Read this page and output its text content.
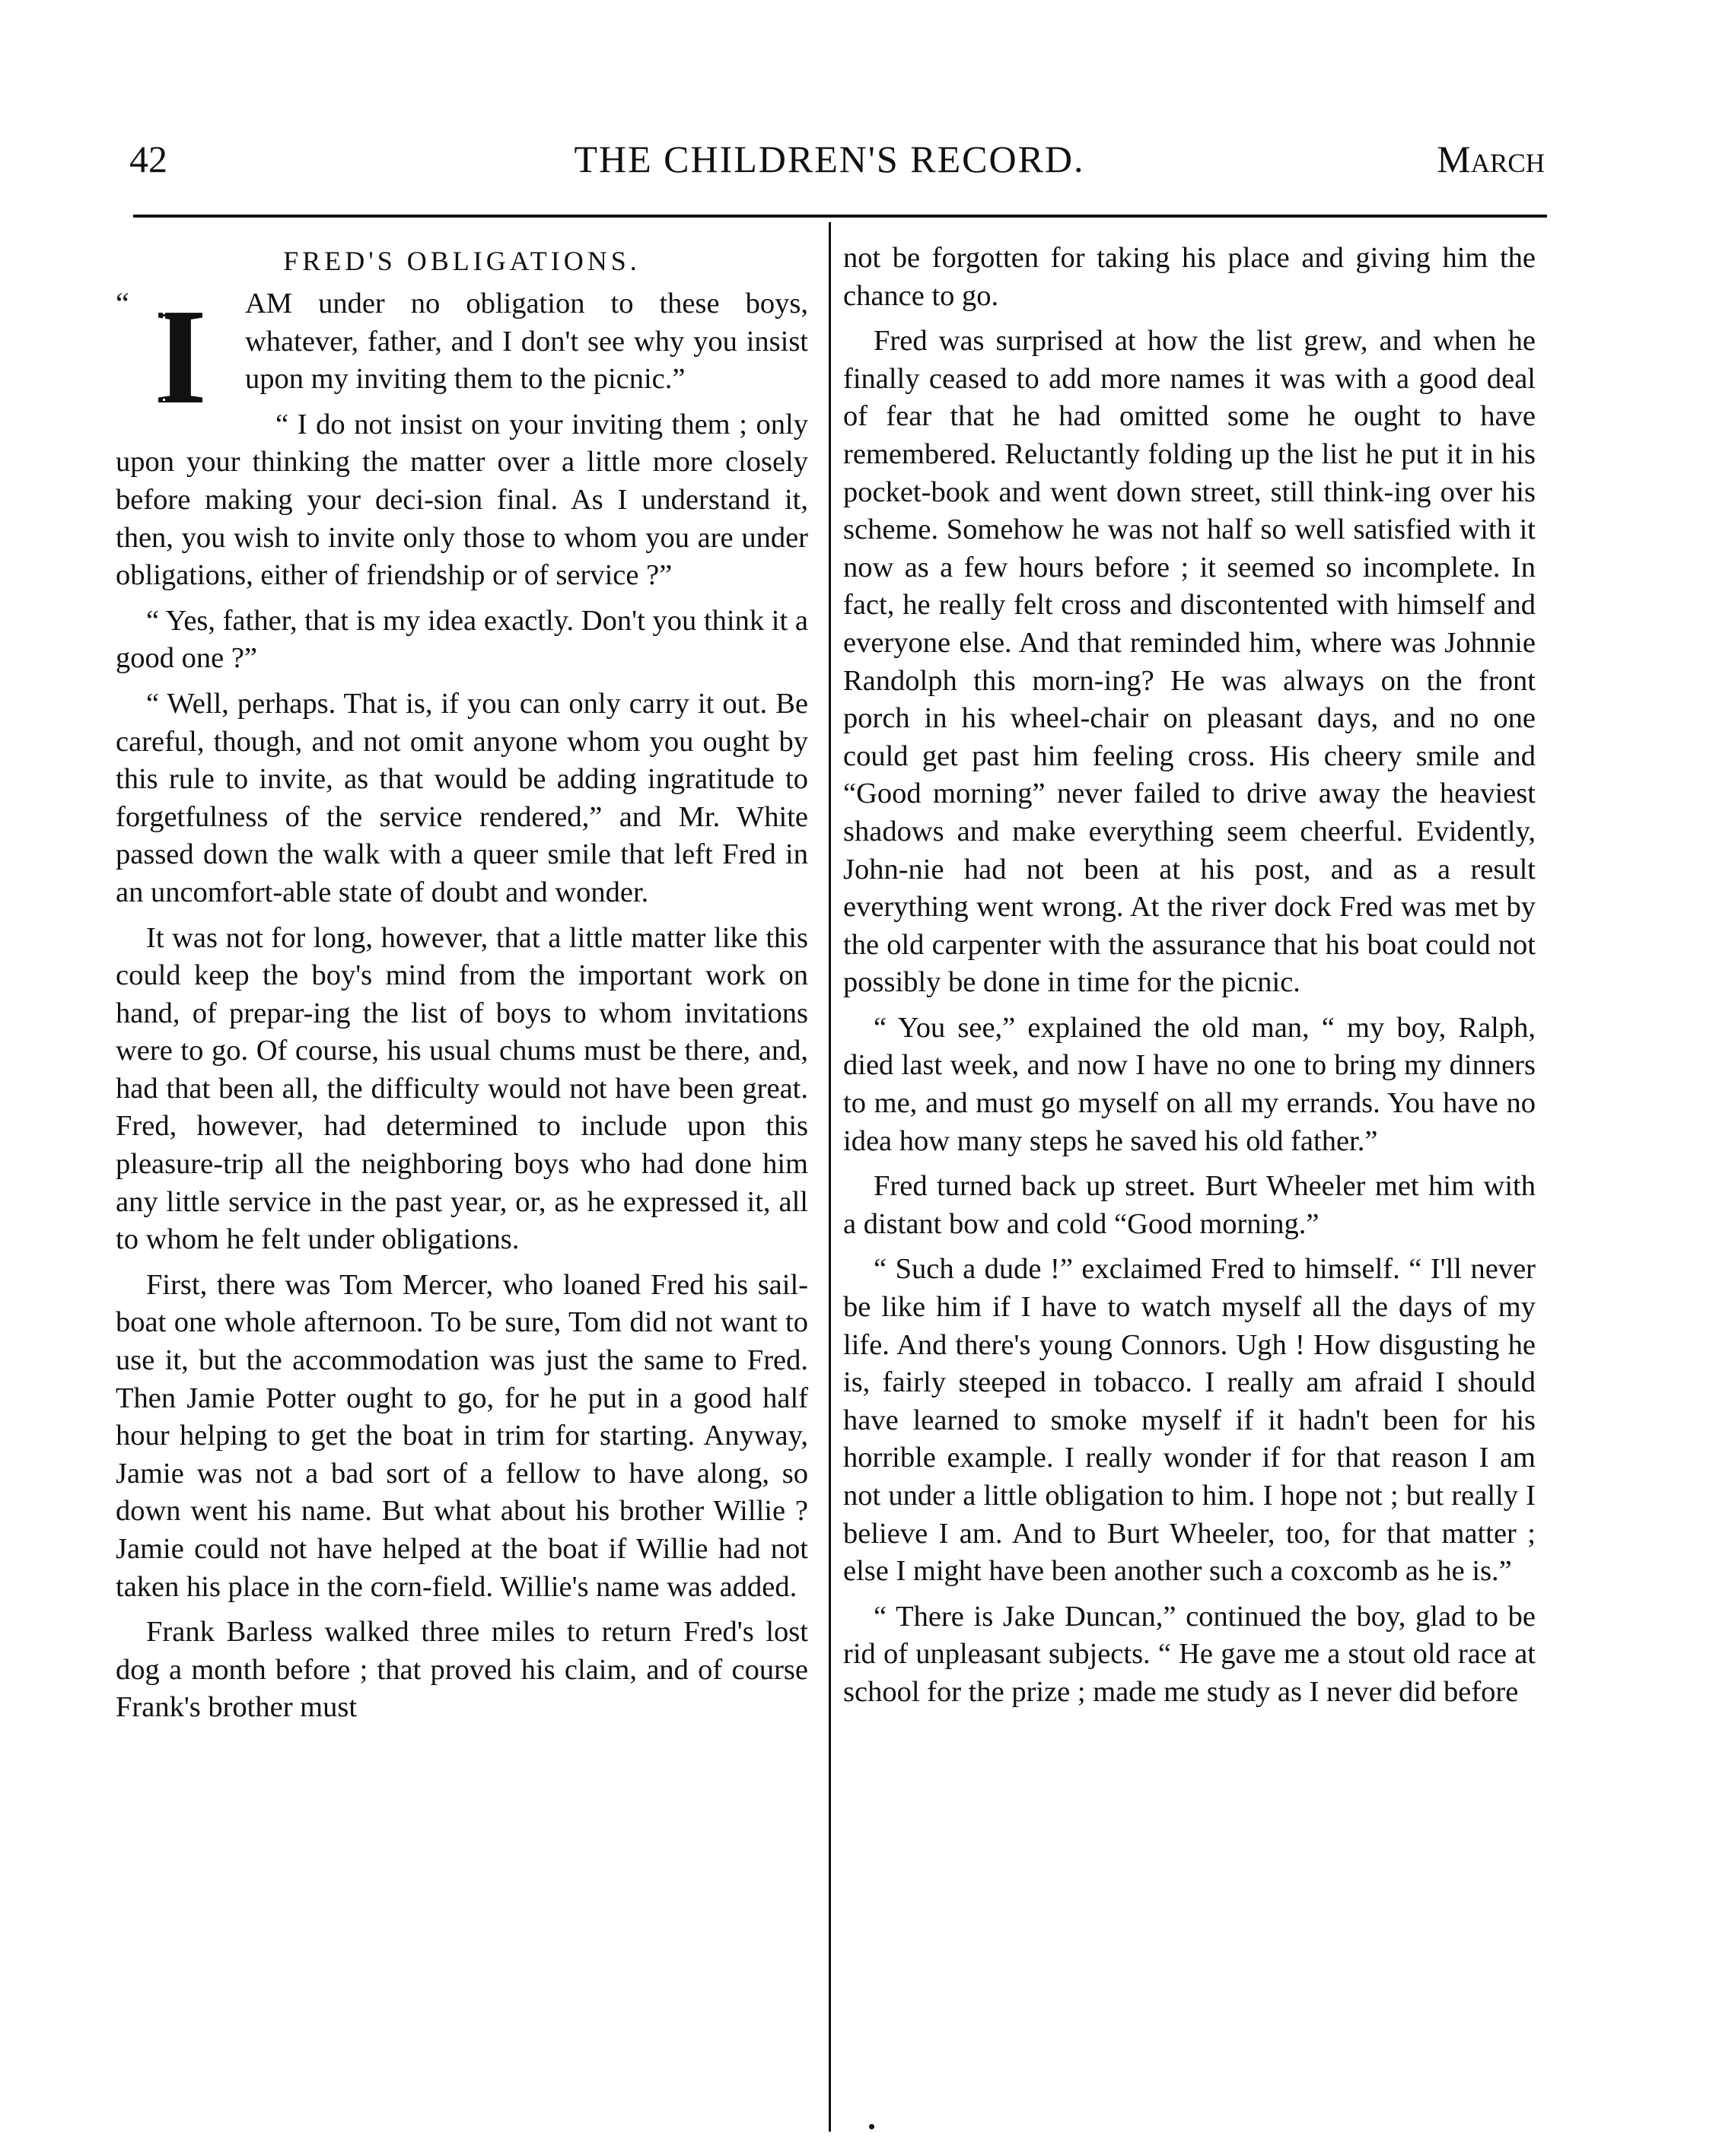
42	THE CHILDREN'S RECORD.	March
FRED'S OBLIGATIONS.

“ I AM under no obligation to these boys, whatever, father, and I don't see why you insist upon my inviting them to the picnic.”

“ I do not insist on your inviting them ; only upon your thinking the matter over a little more closely before making your deci-sion final. As I understand it, then, you wish to invite only those to whom you are under obligations, either of friendship or of service ?”

“ Yes, father, that is my idea exactly. Don't you think it a good one ?”

“ Well, perhaps. That is, if you can only carry it out. Be careful, though, and not omit anyone whom you ought by this rule to invite, as that would be adding ingratitude to forgetfulness of the service rendered,” and Mr. White passed down the walk with a queer smile that left Fred in an uncomfort-able state of doubt and wonder.

It was not for long, however, that a little matter like this could keep the boy's mind from the important work on hand, of prepar-ing the list of boys to whom invitations were to go. Of course, his usual chums must be there, and, had that been all, the difficulty would not have been great. Fred, however, had determined to include upon this pleasure-trip all the neighboring boys who had done him any little service in the past year, or, as he expressed it, all to whom he felt under obligations.

First, there was Tom Mercer, who loaned Fred his sail-boat one whole afternoon. To be sure, Tom did not want to use it, but the accommodation was just the same to Fred. Then Jamie Potter ought to go, for he put in a good half hour helping to get the boat in trim for starting. Anyway, Jamie was not a bad sort of a fellow to have along, so down went his name. But what about his brother Willie ? Jamie could not have helped at the boat if Willie had not taken his place in the corn-field. Willie's name was added.

Frank Barless walked three miles to return Fred's lost dog a month before ; that proved his claim, and of course Frank's brother must

not be forgotten for taking his place and giving him the chance to go.

Fred was surprised at how the list grew, and when he finally ceased to add more names it was with a good deal of fear that he had omitted some he ought to have remembered. Reluctantly folding up the list he put it in his pocket-book and went down street, still think-ing over his scheme. Somehow he was not half so well satisfied with it now as a few hours before ; it seemed so incomplete. In fact, he really felt cross and discontented with himself and everyone else. And that reminded him, where was Johnnie Randolph this morn-ing? He was always on the front porch in his wheel-chair on pleasant days, and no one could get past him feeling cross. His cheery smile and “Good morning” never failed to drive away the heaviest shadows and make everything seem cheerful. Evidently, John-nie had not been at his post, and as a result everything went wrong. At the river dock Fred was met by the old carpenter with the assurance that his boat could not possibly be done in time for the picnic.

“ You see,” explained the old man, “ my boy, Ralph, died last week, and now I have no one to bring my dinners to me, and must go myself on all my errands. You have no idea how many steps he saved his old father.”

Fred turned back up street. Burt Wheeler met him with a distant bow and cold “Good morning.”

“ Such a dude !” exclaimed Fred to himself. “ I'll never be like him if I have to watch myself all the days of my life. And there's young Connors. Ugh ! How disgusting he is, fairly steeped in tobacco. I really am afraid I should have learned to smoke myself if it hadn't been for his horrible example. I really wonder if for that reason I am not under a little obligation to him. I hope not ; but really I believe I am. And to Burt Wheeler, too, for that matter ; else I might have been another such a coxcomb as he is.”

“ There is Jake Duncan,” continued the boy, glad to be rid of unpleasant subjects. “ He gave me a stout old race at school for the prize ; made me study as I never did before
